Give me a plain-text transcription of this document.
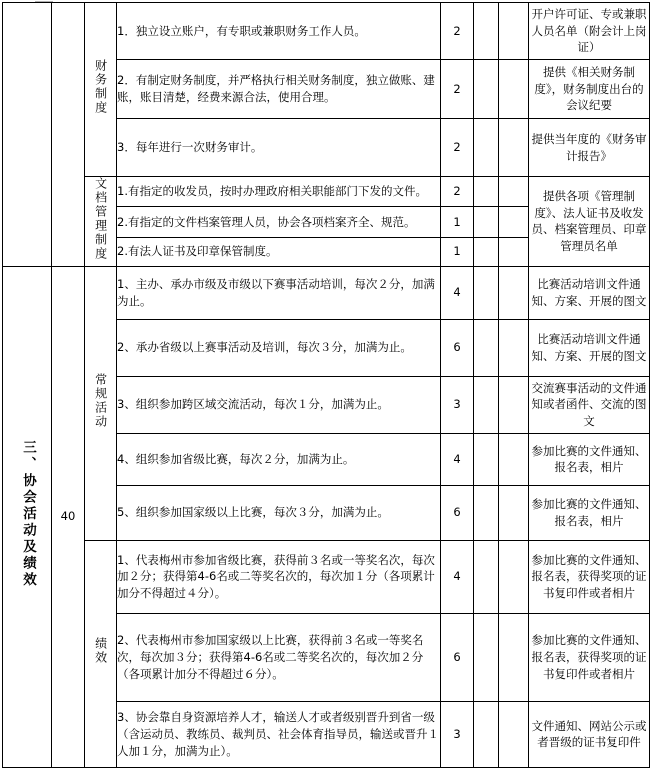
		财务制度	1．独立设立账户，有专职或兼职财务工作人员。	2			开户许可证、专或兼职人员名单（附会计上岗证）
			2．有制定财务制度，并严格执行相关财务制度，独立做账、建账，账目清楚，经费来源合法，使用合理。	2			提供《相关财务制度》，财务制度出台的会议纪要
			3．每年进行一次财务审计。	2			提供当年度的《财务审计报告》
		文档管理制度	1.有指定的收发员，按时办理政府相关职能部门下发的文件。	2			提供各项《管理制度》、法人证书及收发员、档案管理员、印章管理员名单
			2.有指定的文件档案管理人员，协会各项档案齐全、规范。	1			
			2.有法人证书及印章保管制度。	1			
三、协会活动及绩效	40	常规活动	1、主办、承办市级及市级以下赛事活动培训，每次２分，加满为止。	4			比赛活动培训文件通知、方案、开展的图文
			2、承办省级以上赛事活动及培训，每次３分，加满为止。	6			比赛活动培训文件通知、方案、开展的图文
			3、组织参加跨区域交流活动，每次１分，加满为止。	3			交流赛事活动的文件通知或者函件、交流的图文
			4、组织参加省级比赛，每次２分，加满为止。	4			参加比赛的文件通知、报名表，相片
			5、组织参加国家级以上比赛，每次３分，加满为止。	6			参加比赛的文件通知、报名表，相片
		绩效	1、代表梅州市参加省级比赛，获得前３名或一等奖名次，每次加２分；获得第4-6名或二等奖名次的，每次加１分（各项累计加分不得超过４分）。	4			参加比赛的文件通知、报名表，获得奖项的证书复印件或者相片
			2、代表梅州市参加国家级以上比赛，获得前３名或一等奖名次，每次加３分；获得第4-6名或二等奖名次的，每次加２分（各项累计加分不得超过６分）。	6			参加比赛的文件通知、报名表，获得奖项的证书复印件或者相片
			3、协会靠自身资源培养人才，输送人才或者级别晋升到省一级（含运动员、教练员、裁判员、社会体育指导员，输送或晋升１人加１分，加满为止）。	3			文件通知、网站公示或者晋级的证书复印件
